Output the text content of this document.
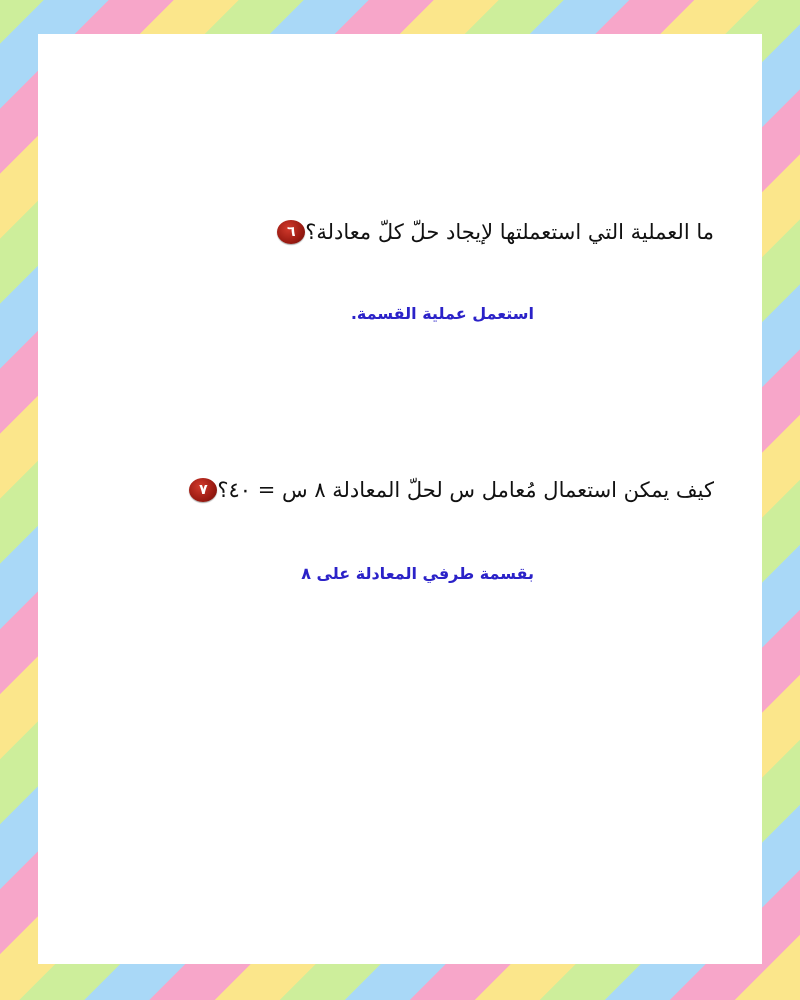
٦ ما العملية التي استعملتها لإيجاد حلّ كلّ معادلة؟
استعمل عملية القسمة.
٧ كيف يمكن استعمال مُعامل س لحلّ المعادلة ٨ س = ٤٠؟
بقسمة طرفي المعادلة على ٨
